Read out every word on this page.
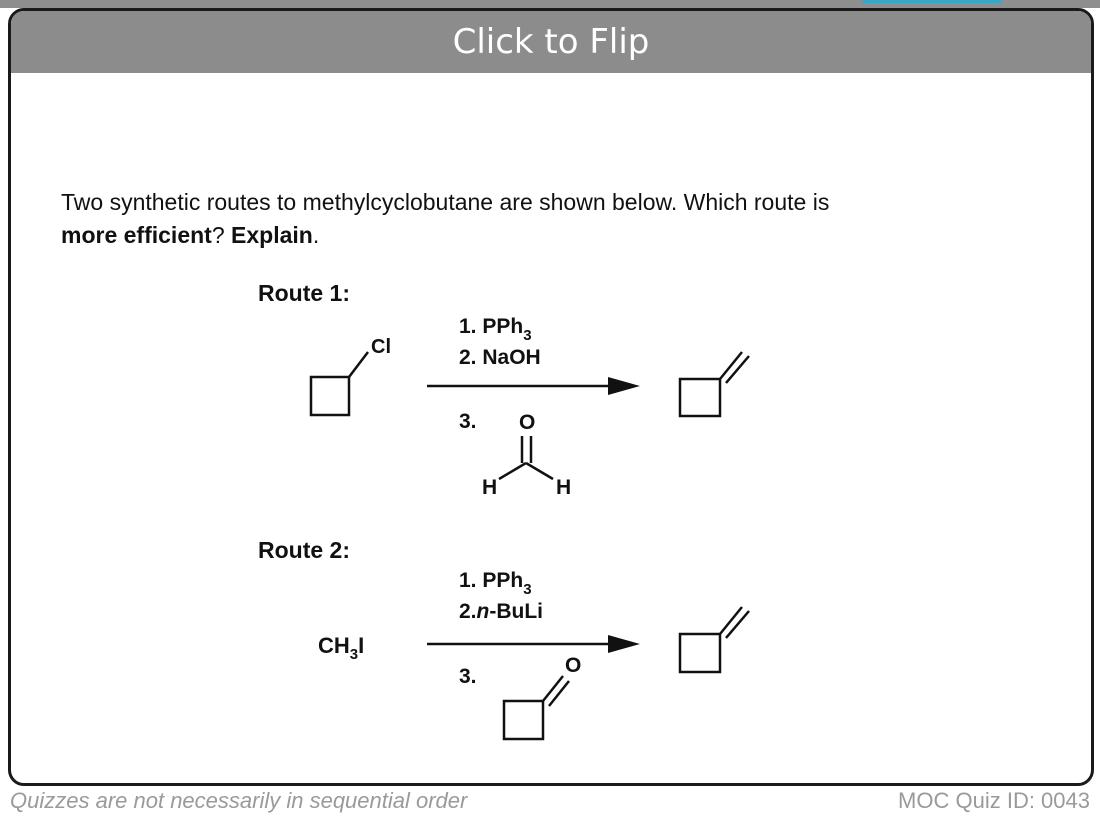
Click to Flip
Two synthetic routes to methylcyclobutane are shown below. Which route is
more efficient? Explain.
Route 1:
Cl
1. PPh$_3$
2. NaOH
3. O
H	H
Route 2:
$CH_3I$
1. PPh$_3$
2.n-BuLi
3.	O
Quizzes are not necessarily in sequential order	MOC Quiz ID: 0043
